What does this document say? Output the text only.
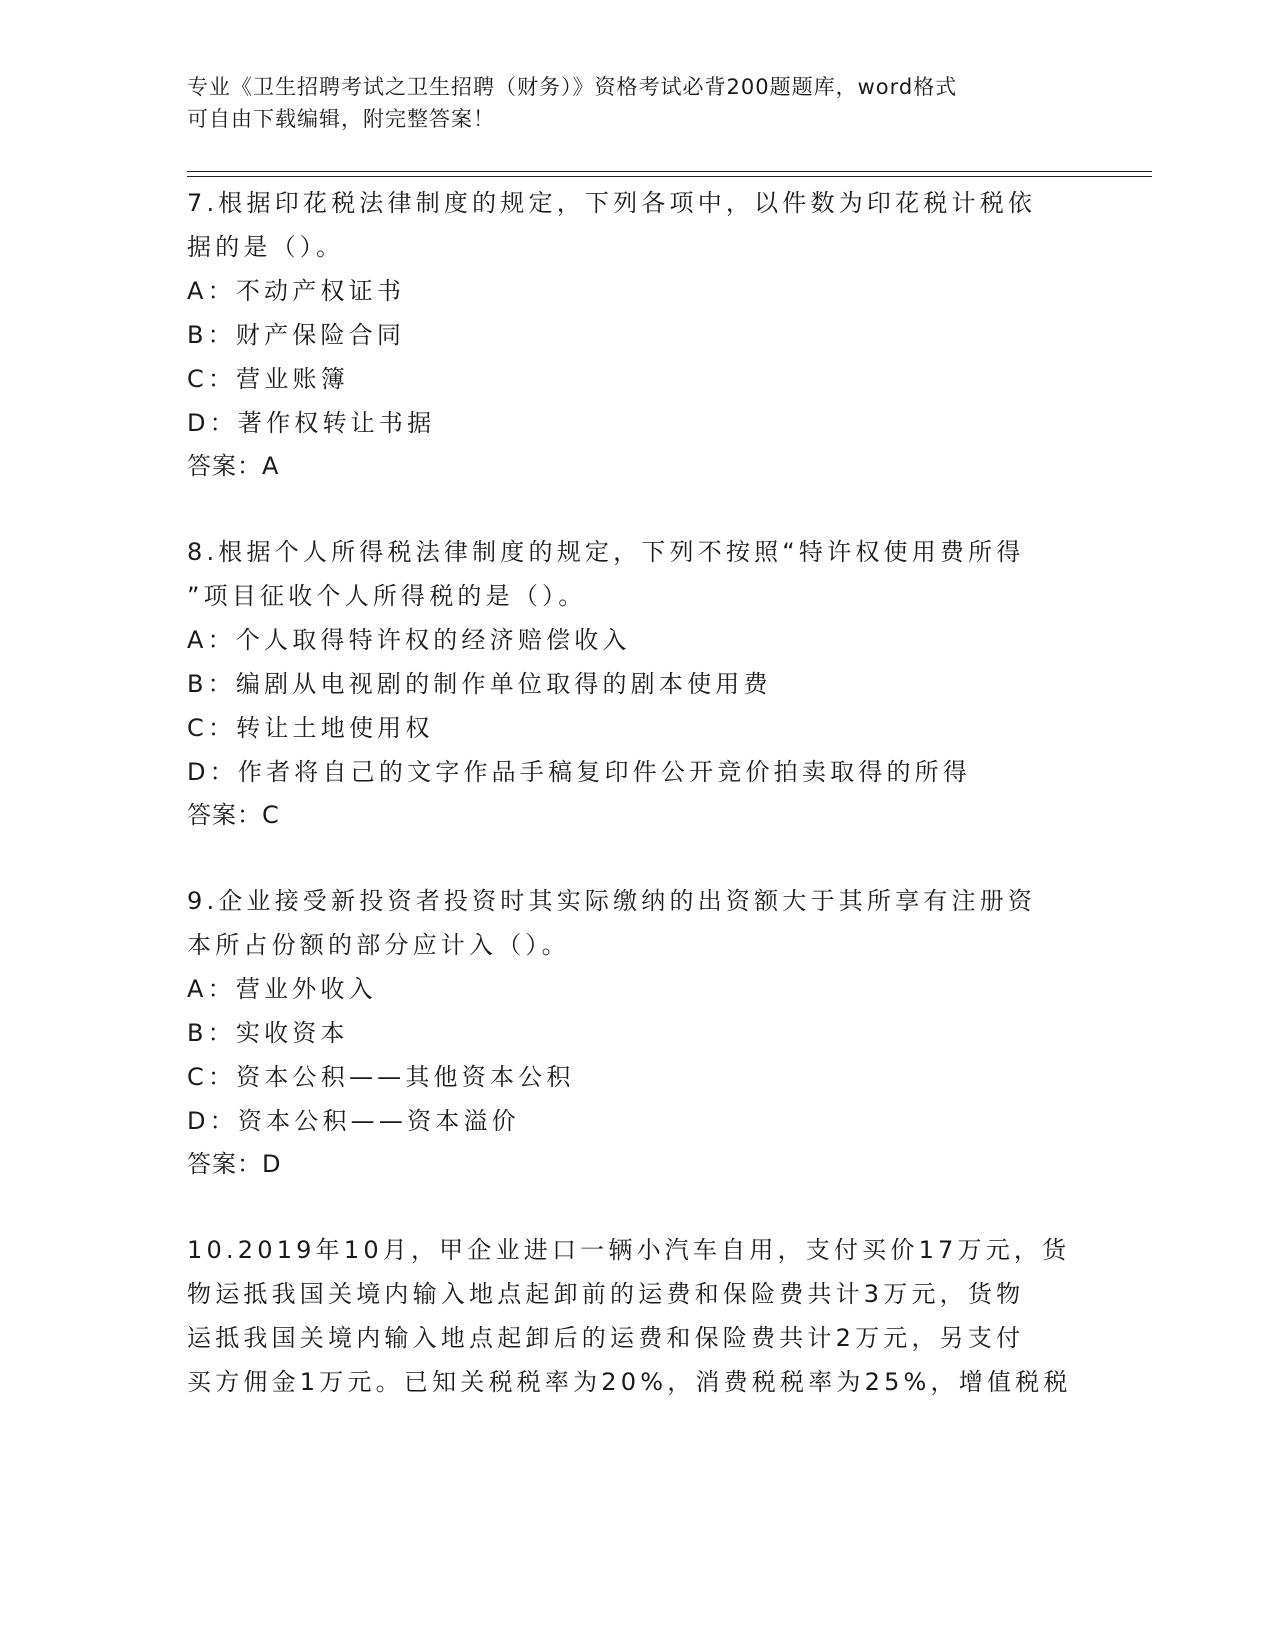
专业《卫生招聘考试之卫生招聘（财务）》资格考试必背200题题库，word格式
可自由下载编辑，附完整答案！
7.根据印花税法律制度的规定，下列各项中，以件数为印花税计税依
据的是（）。
A：不动产权证书
B：财产保险合同
C：营业账簿
D：著作权转让书据
答案：A
8.根据个人所得税法律制度的规定，下列不按照“特许权使用费所得
”项目征收个人所得税的是（）。
A：个人取得特许权的经济赔偿收入
B：编剧从电视剧的制作单位取得的剧本使用费
C：转让土地使用权
D：作者将自己的文字作品手稿复印件公开竞价拍卖取得的所得
答案：C
9.企业接受新投资者投资时其实际缴纳的出资额大于其所享有注册资
本所占份额的部分应计入（）。
A：营业外收入
B：实收资本
C：资本公积——其他资本公积
D：资本公积——资本溢价
答案：D
10.2019年10月，甲企业进口一辆小汽车自用，支付买价17万元，货
物运抵我国关境内输入地点起卸前的运费和保险费共计3万元，货物
运抵我国关境内输入地点起卸后的运费和保险费共计2万元，另支付
买方佣金1万元。已知关税税率为20%，消费税税率为25%，增值税税
